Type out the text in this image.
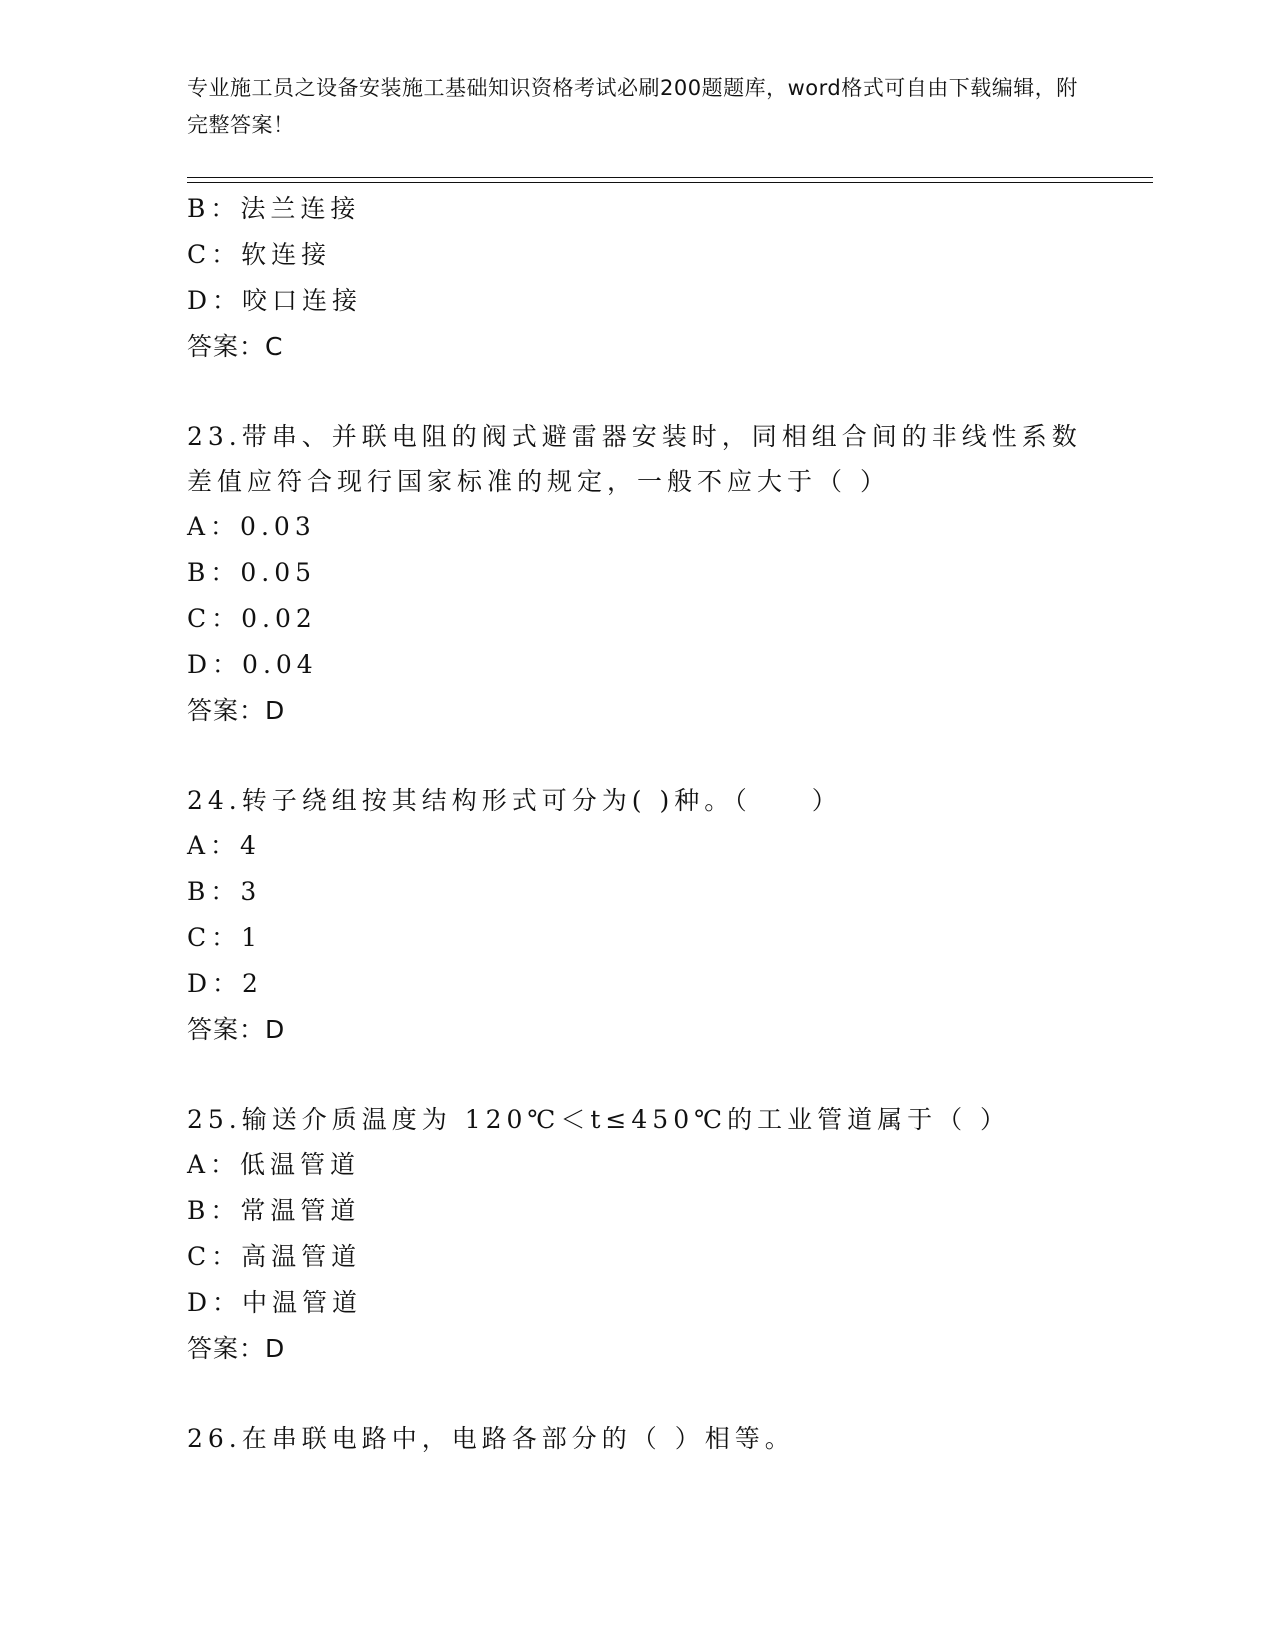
专业施工员之设备安装施工基础知识资格考试必刷200题题库，word格式可自由下载编辑，附完整答案！
B：法兰连接
C：软连接
D：咬口连接
答案：C
23.带串、并联电阻的阀式避雷器安装时，同相组合间的非线性系数差值应符合现行国家标准的规定，一般不应大于（ ）
A：0.03
B：0.05
C：0.02
D：0.04
答案：D
24.转子绕组按其结构形式可分为( )种。（　　）
A：4
B：3
C：1
D：2
答案：D
25.输送介质温度为 120℃＜t≤450℃的工业管道属于（ ）
A：低温管道
B：常温管道
C：高温管道
D：中温管道
答案：D
26.在串联电路中，电路各部分的（ ）相等。
